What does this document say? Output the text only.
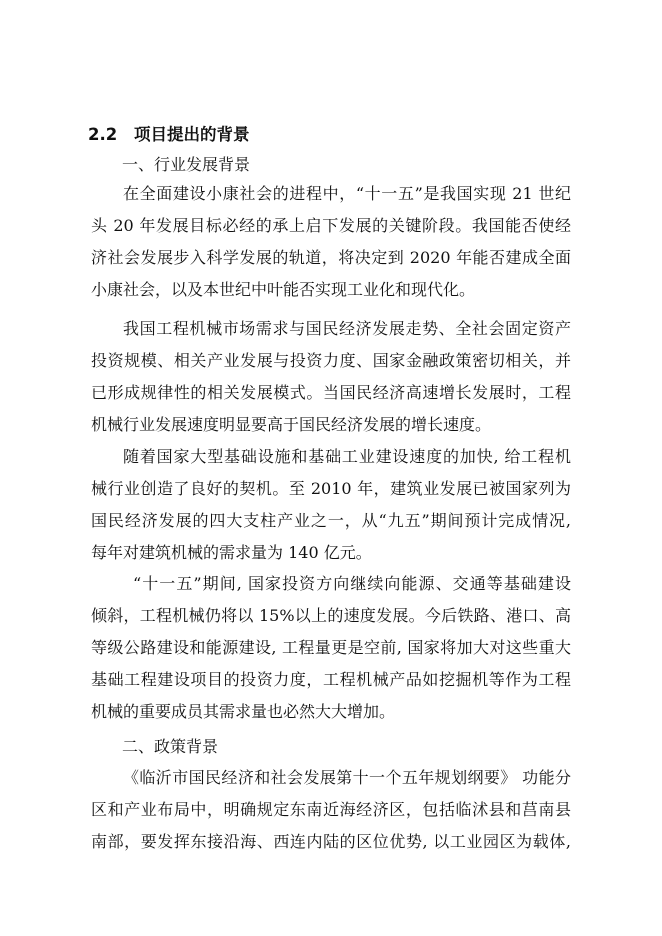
2.2 项目提出的背景
一、行业发展背景
在全面建设小康社会的进程中，“十一五”是我国实现 21 世纪
头 20 年发展目标必经的承上启下发展的关键阶段。我国能否使经
济社会发展步入科学发展的轨道，将决定到 2020 年能否建成全面
小康社会，以及本世纪中叶能否实现工业化和现代化。
我国工程机械市场需求与国民经济发展走势、全社会固定资产
投资规模、相关产业发展与投资力度、国家金融政策密切相关，并
已形成规律性的相关发展模式。当国民经济高速增长发展时，工程
机械行业发展速度明显要高于国民经济发展的增长速度。
随着国家大型基础设施和基础工业建设速度的加快, 给工程机
械行业创造了良好的契机。至 2010 年，建筑业发展已被国家列为
国民经济发展的四大支柱产业之一，从“九五”期间预计完成情况,
每年对建筑机械的需求量为 140 亿元。
“十一五”期间, 国家投资方向继续向能源、交通等基础建设
倾斜，工程机械仍将以 15%以上的速度发展。今后铁路、港口、高
等级公路建设和能源建设, 工程量更是空前, 国家将加大对这些重大
基础工程建设项目的投资力度，工程机械产品如挖掘机等作为工程
机械的重要成员其需求量也必然大大增加。
二、政策背景
《临沂市国民经济和社会发展第十一个五年规划纲要》 功能分
区和产业布局中，明确规定东南近海经济区，包括临沭县和莒南县
南部，要发挥东接沿海、西连内陆的区位优势, 以工业园区为载体,
